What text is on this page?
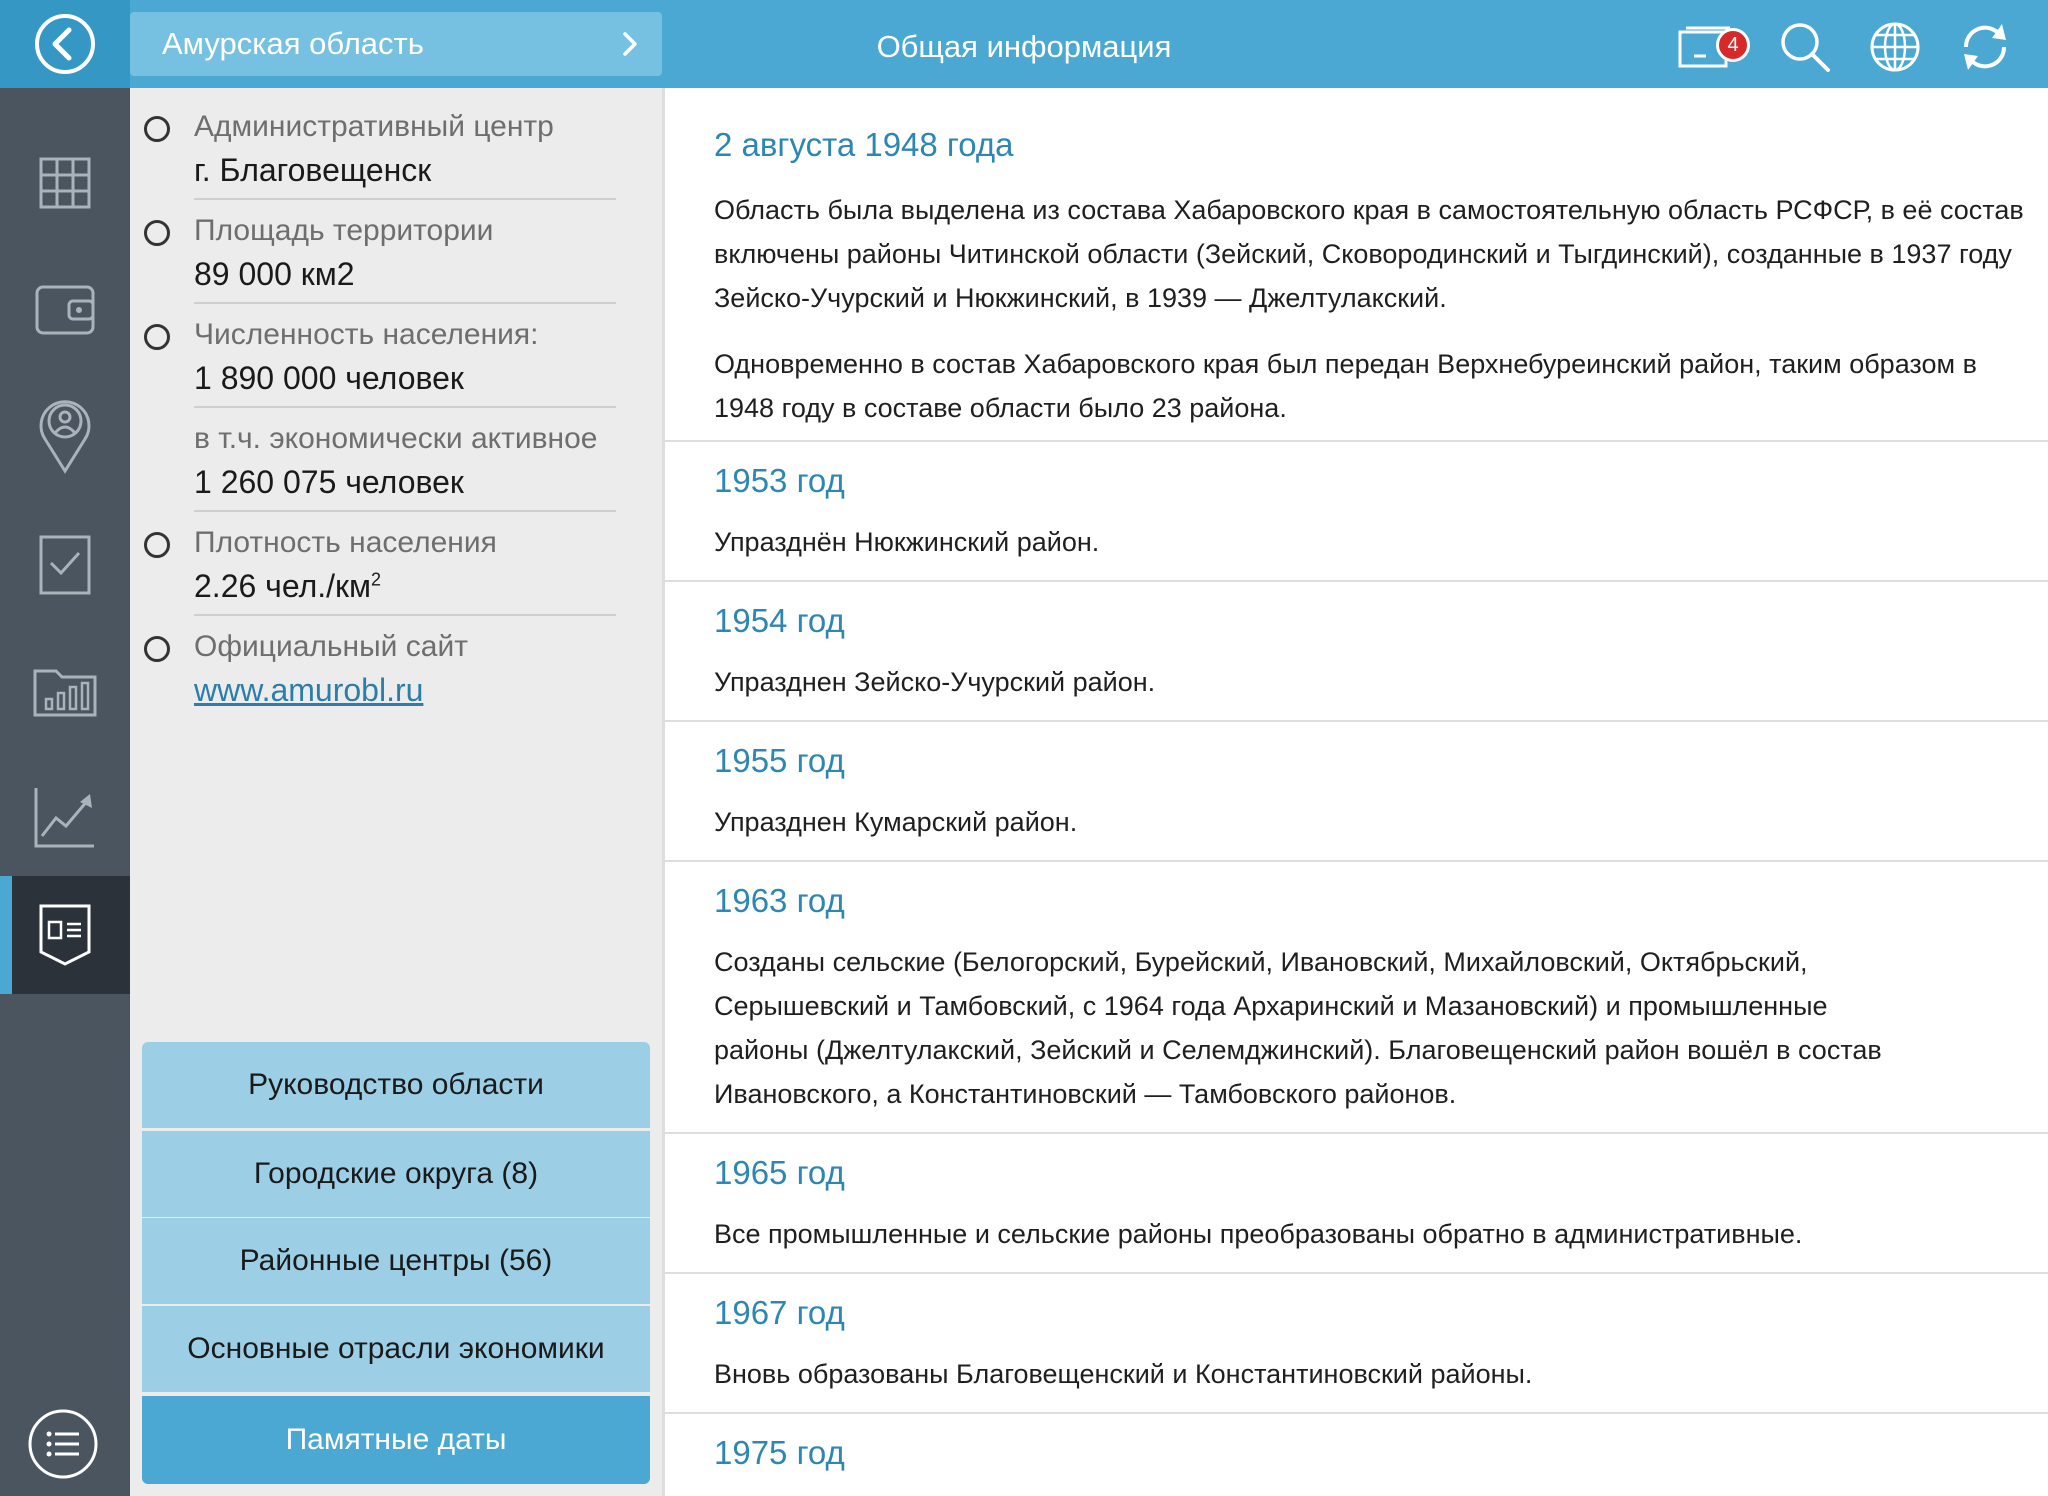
Амурская область	Общая информация	4
Административный центр
г. Благовещенск
Площадь территории
89 000 км2
Численность населения:
1 890 000 человек
в т.ч. экономически активное
1 260 075 человек
Плотность населения
2.26 $чел./км^2$
Официальный сайт
www.amurobl.ru
Руководство области
Городские округа (8)
Районные центры (56)
Основные отрасли экономики
Памятные даты
2 августа 1948 года

Область была выделена из состава Хабаровского края в самостоятельную область РСФСР, в её состав включены районы Читинской области (Зейский, Сковородинский и Тыгдинский), созданные в 1937 году Зейско-Учурский и Нюкжинский, в 1939 — Джелтулакский.

Одновременно в состав Хабаровского края был передан Верхнебуреинский район, таким образом в 1948 году в составе области было 23 района.

1953 год

Упразднён Нюкжинский район.

1954 год

Упразднен Зейско-Учурский район.

1955 год

Упразднен Кумарский район.

1963 год

Созданы сельские (Белогорский, Бурейский, Ивановский, Михайловский, Октябрьский, Серышевский и Тамбовский, с 1964 года Архаринский и Мазановский) и промышленные районы (Джелтулакский, Зейский и Селемджинский). Благовещенский район вошёл в состав Ивановского, а Константиновский — Тамбовского районов.

1965 год

Все промышленные и сельские районы преобразованы обратно в административные.

1967 год

Вновь образованы Благовещенский и Константиновский районы.

1975 год
